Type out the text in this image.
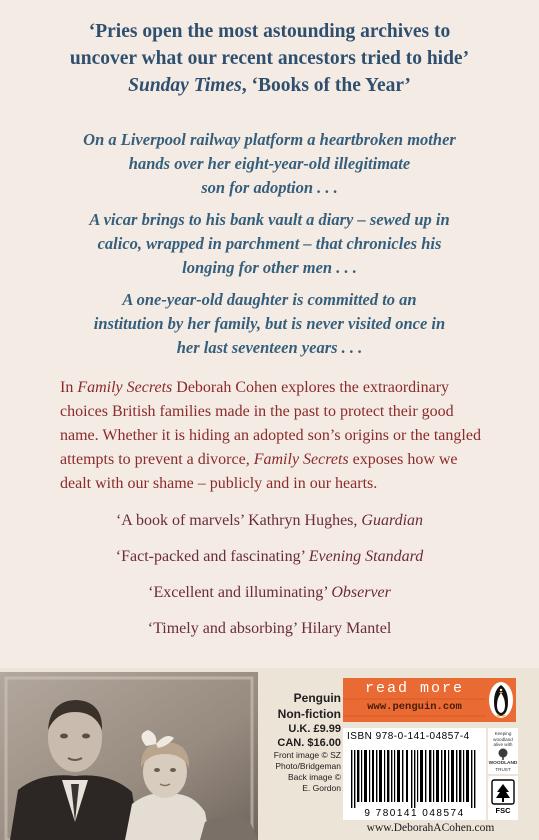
‘Pries open the most astounding archives to
uncover what our recent ancestors tried to hide’
Sunday Times, ‘Books of the Year’
On a Liverpool railway platform a heartbroken mother
hands over her eight-year-old illegitimate
son for adoption . . .
A vicar brings to his bank vault a diary – sewed up in
calico, wrapped in parchment – that chronicles his
longing for other men . . .
A one-year-old daughter is committed to an
institution by her family, but is never visited once in
her last seventeen years . . .
In Family Secrets Deborah Cohen explores the extraordinary choices British families made in the past to protect their good name. Whether it is hiding an adopted son’s origins or the tangled attempts to prevent a divorce, Family Secrets exposes how we dealt with our shame – publicly and in our hearts.
‘A book of marvels’ Kathryn Hughes, Guardian
‘Fact-packed and fascinating’ Evening Standard
‘Excellent and illuminating’ Observer
‘Timely and absorbing’ Hilary Mantel
Penguin
Non-fiction
U.K. £9.99
CAN. $16.00
Front image © SZ
Photo/Bridgeman
Back image ©
E. Gordon
read more
www.penguin.com
ISBN 978-0-141-04857-4
9 780141 048574
Keeping woodland alive with
WOODLAND
TRUST
FSC
www.DeborahACohen.com
